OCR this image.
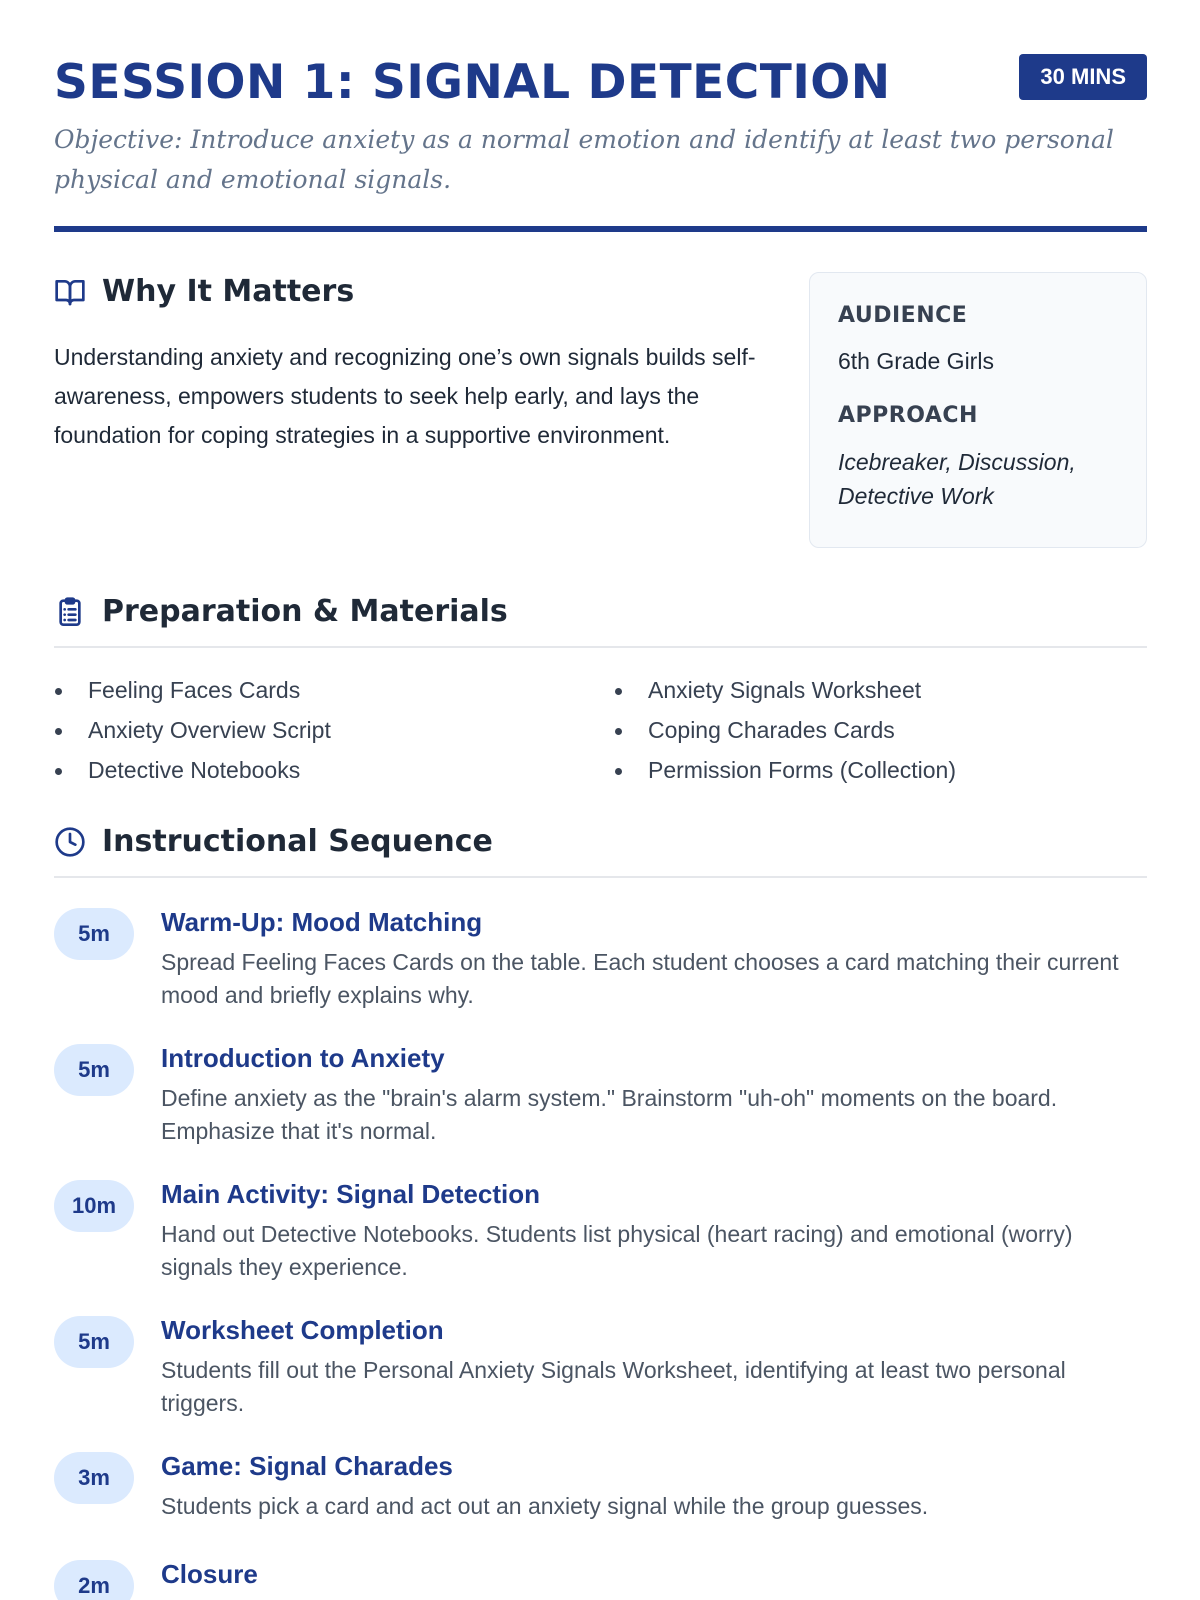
SESSION 1: SIGNAL DETECTION	30 MINS

Objective: Introduce anxiety as a normal emotion and identify at least two personal physical and emotional signals.

Why It Matters
Understanding anxiety and recognizing one’s own signals builds self-awareness, empowers students to seek help early, and lays the foundation for coping strategies in a supportive environment.
AUDIENCE
6th Grade Girls
APPROACH
Icebreaker, Discussion, Detective Work
Preparation & Materials
Feeling Faces Cards
Anxiety Overview Script
Detective Notebooks
Anxiety Signals Worksheet
Coping Charades Cards
Permission Forms (Collection)
Instructional Sequence
5m	Warm-Up: Mood Matching
Spread Feeling Faces Cards on the table. Each student chooses a card matching their current mood and briefly explains why.
5m	Introduction to Anxiety
Define anxiety as the "brain's alarm system." Brainstorm "uh-oh" moments on the board. Emphasize that it's normal.
10m	Main Activity: Signal Detection
Hand out Detective Notebooks. Students list physical (heart racing) and emotional (worry) signals they experience.
5m	Worksheet Completion
Students fill out the Personal Anxiety Signals Worksheet, identifying at least two personal triggers.
3m	Game: Signal Charades
Students pick a card and act out an anxiety signal while the group guesses.
2m	Closure
